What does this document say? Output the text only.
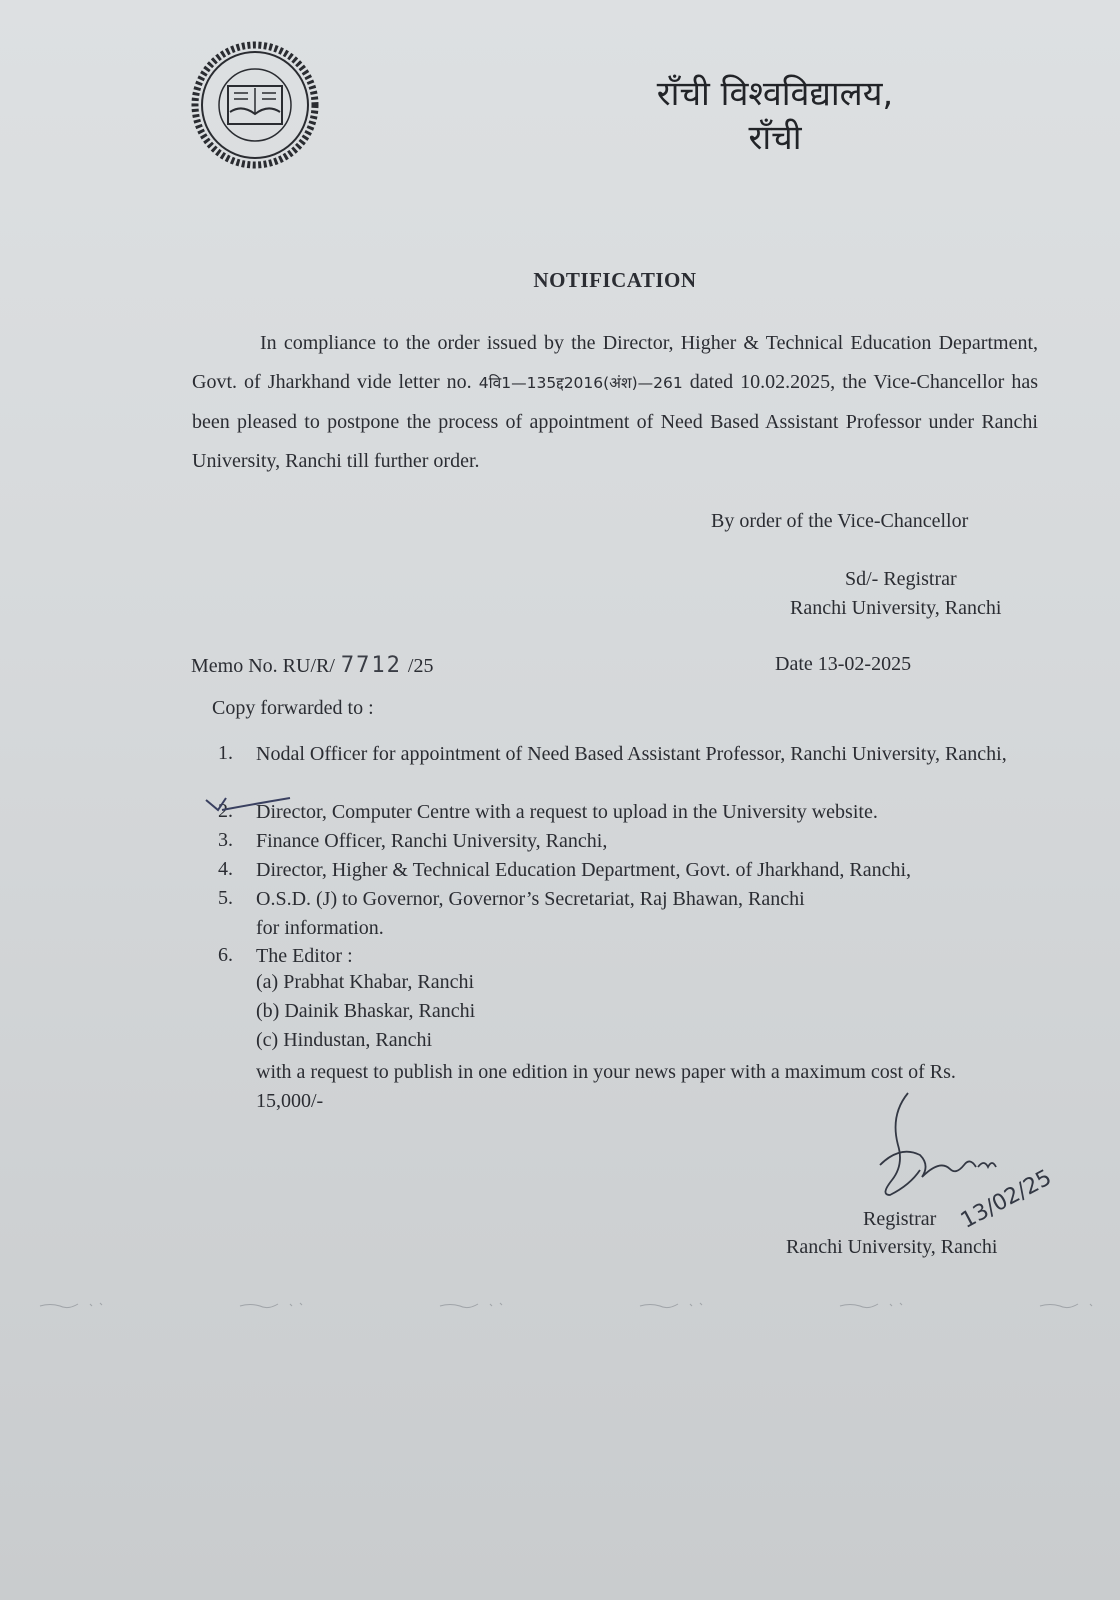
रॉंची विश्वविद्यालय,
रॉंची
NOTIFICATION
In compliance to the order issued by the Director, Higher & Technical Education Department, Govt. of Jharkhand vide letter no. 4वि1—135द्द2016(अंश)—261 dated 10.02.2025, the Vice-Chancellor has been pleased to postpone the process of appointment of Need Based Assistant Professor under Ranchi University, Ranchi till further order.
By order of the Vice-Chancellor
Sd/- Registrar
Ranchi University, Ranchi
Memo No. RU/R/ 7712 /25	Date 13-02-2025
Copy forwarded to :
1. Nodal Officer for appointment of Need Based Assistant Professor, Ranchi University, Ranchi,
2. Director, Computer Centre with a request to upload in the University website.
3. Finance Officer, Ranchi University, Ranchi,
4. Director, Higher & Technical Education Department, Govt. of Jharkhand, Ranchi,
5. O.S.D. (J) to Governor, Governor’s Secretariat, Raj Bhawan, Ranchi
for information.
6. The Editor :
(a) Prabhat Khabar, Ranchi
(b) Dainik Bhaskar, Ranchi
(c) Hindustan, Ranchi
with a request to publish in one edition in your news paper with a maximum cost of Rs.
15,000/-
13/02/25
Registrar
Ranchi University, Ranchi
